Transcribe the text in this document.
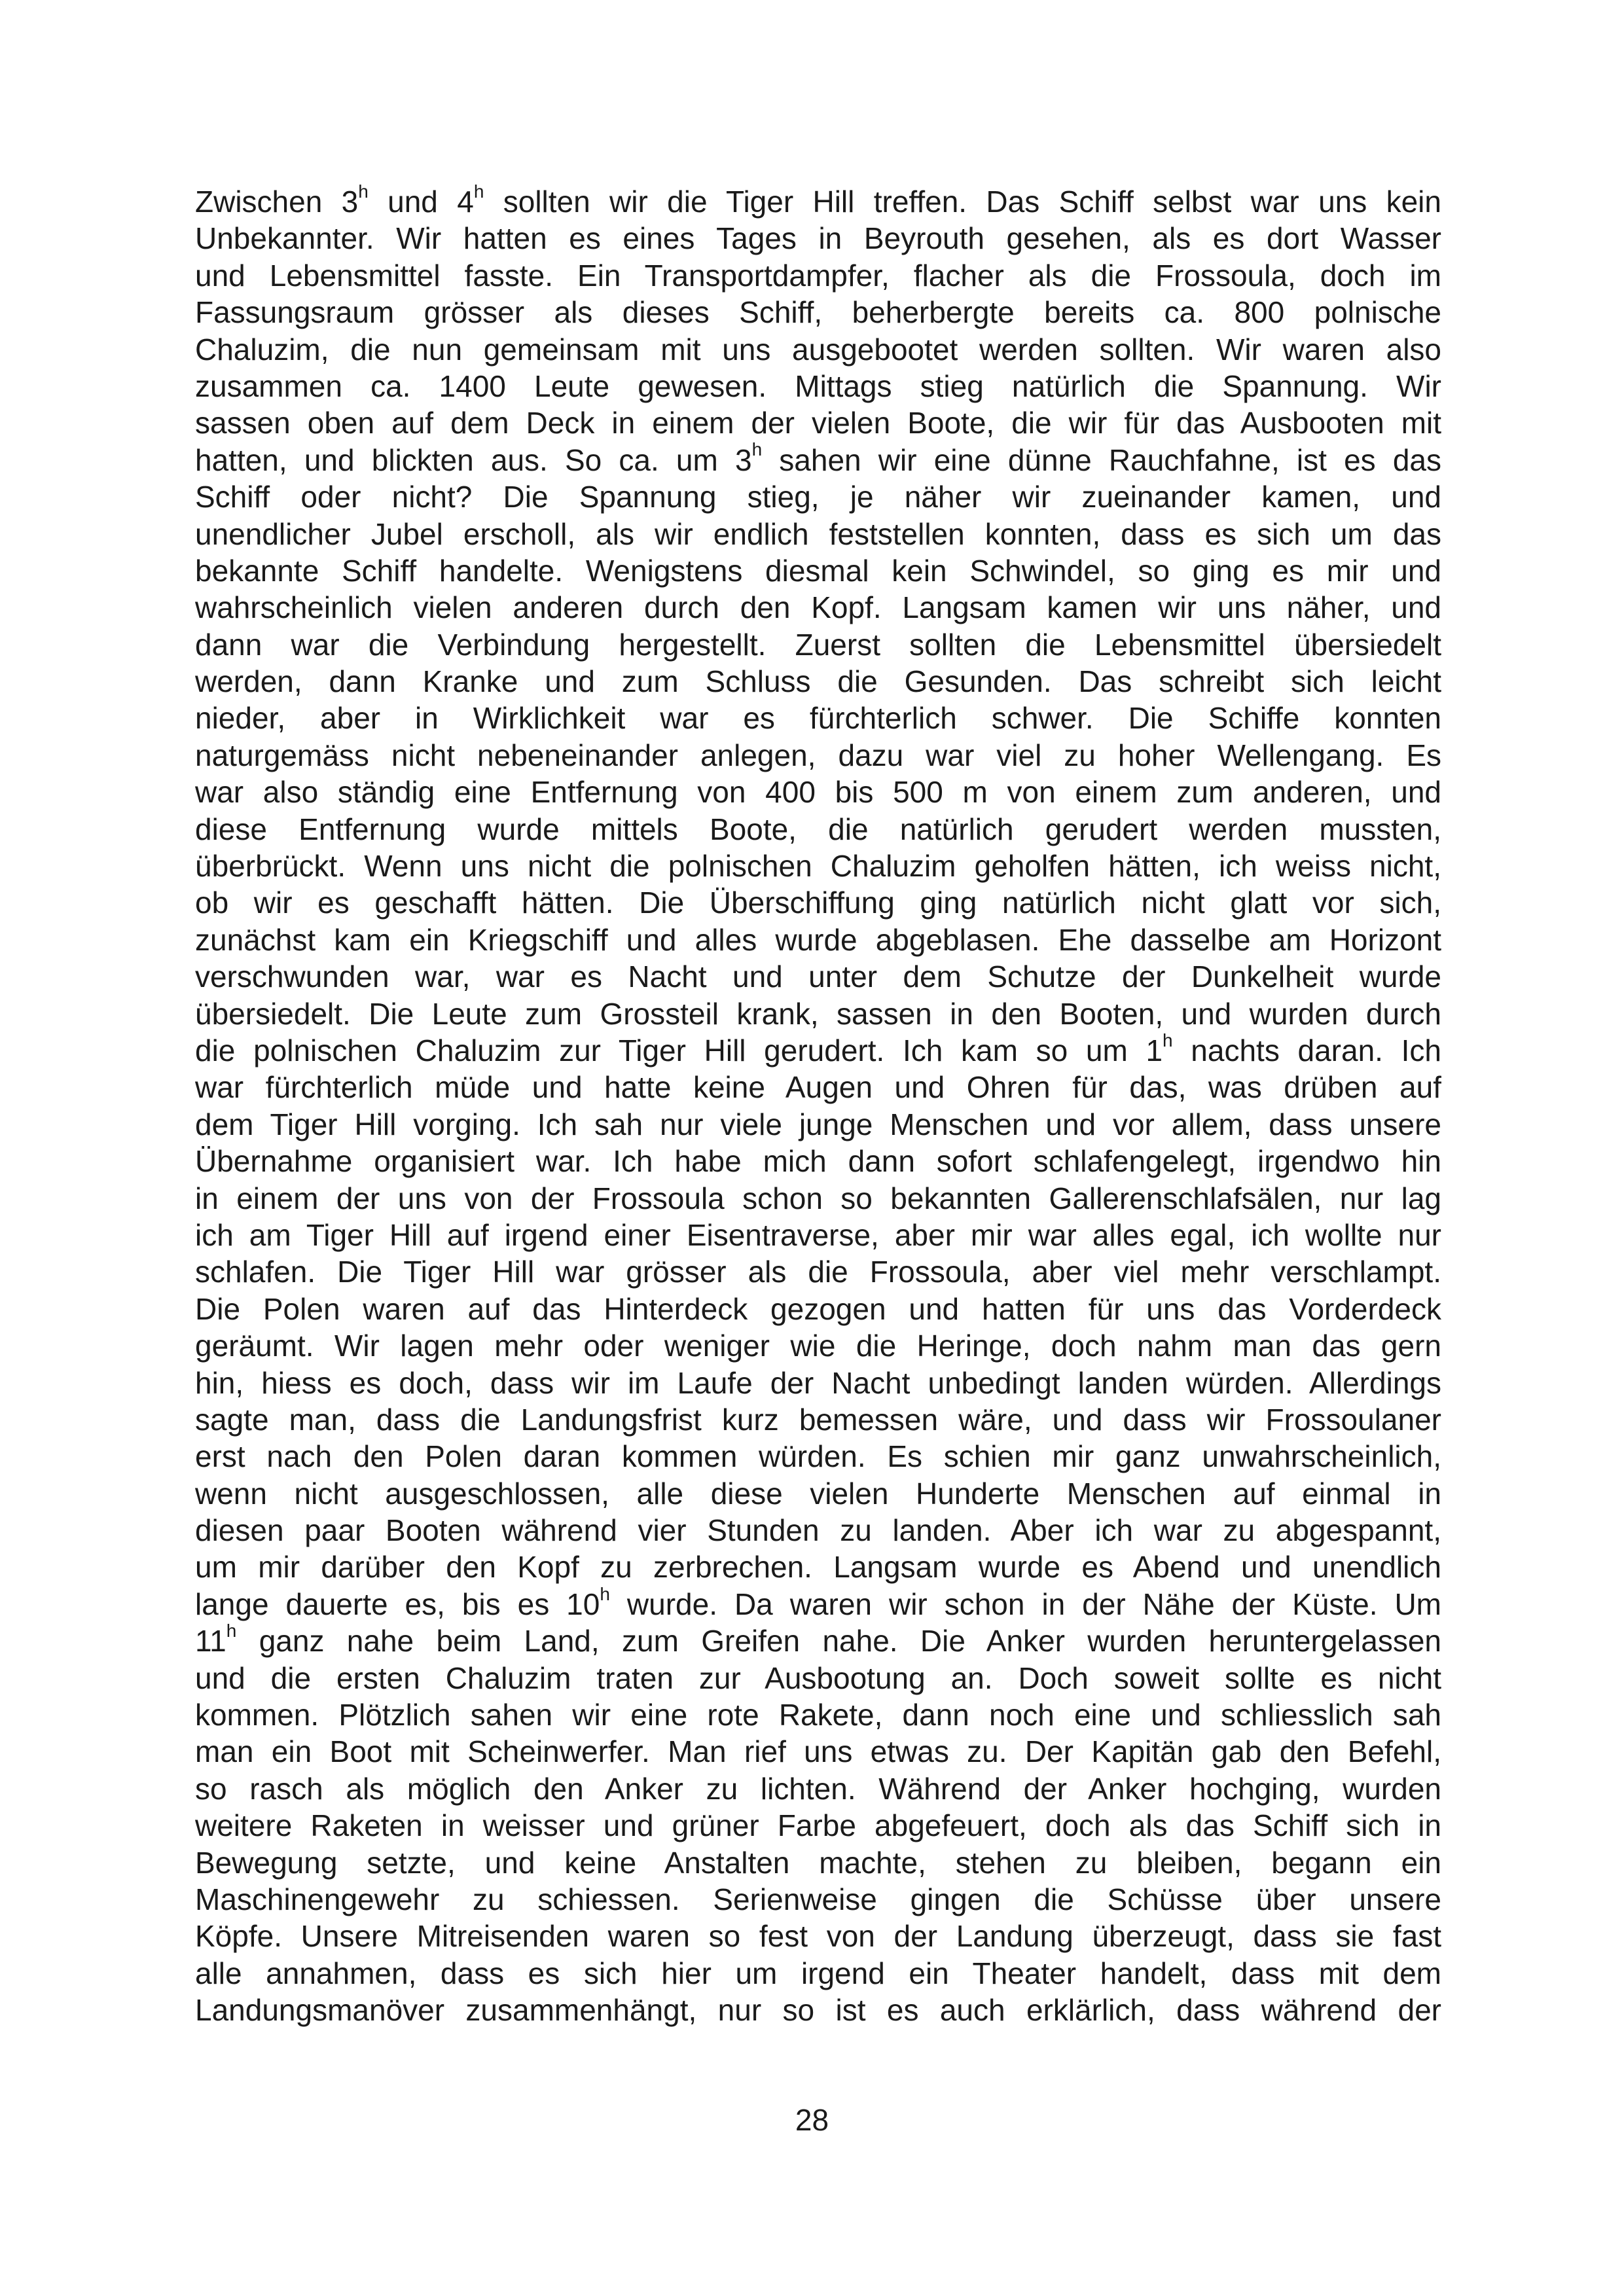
Zwischen 3$^h$ und 4$^h$ sollten wir die Tiger Hill treffen. Das Schiff selbst war uns kein
Unbekannter. Wir hatten es eines Tages in Beyrouth gesehen, als es dort Wasser
und Lebensmittel fasste. Ein Transportdampfer, flacher als die Frossoula, doch im
Fassungsraum grösser als dieses Schiff, beherbergte bereits ca. 800 polnische
Chaluzim, die nun gemeinsam mit uns ausgebootet werden sollten. Wir waren also
zusammen ca. 1400 Leute gewesen. Mittags stieg natürlich die Spannung. Wir
sassen oben auf dem Deck in einem der vielen Boote, die wir für das Ausbooten mit
hatten, und blickten aus. So ca. um 3$^h$ sahen wir eine dünne Rauchfahne, ist es das
Schiff oder nicht? Die Spannung stieg, je näher wir zueinander kamen, und
unendlicher Jubel erscholl, als wir endlich feststellen konnten, dass es sich um das
bekannte Schiff handelte. Wenigstens diesmal kein Schwindel, so ging es mir und
wahrscheinlich vielen anderen durch den Kopf. Langsam kamen wir uns näher, und
dann war die Verbindung hergestellt. Zuerst sollten die Lebensmittel übersiedelt
werden, dann Kranke und zum Schluss die Gesunden. Das schreibt sich leicht
nieder, aber in Wirklichkeit war es fürchterlich schwer. Die Schiffe konnten
naturgemäss nicht nebeneinander anlegen, dazu war viel zu hoher Wellengang. Es
war also ständig eine Entfernung von 400 bis 500 m von einem zum anderen, und
diese Entfernung wurde mittels Boote, die natürlich gerudert werden mussten,
überbrückt. Wenn uns nicht die polnischen Chaluzim geholfen hätten, ich weiss nicht,
ob wir es geschafft hätten. Die Überschiffung ging natürlich nicht glatt vor sich,
zunächst kam ein Kriegschiff und alles wurde abgeblasen. Ehe dasselbe am Horizont
verschwunden war, war es Nacht und unter dem Schutze der Dunkelheit wurde
übersiedelt. Die Leute zum Grossteil krank, sassen in den Booten, und wurden durch
die polnischen Chaluzim zur Tiger Hill gerudert. Ich kam so um 1$^h$ nachts daran. Ich
war fürchterlich müde und hatte keine Augen und Ohren für das, was drüben auf
dem Tiger Hill vorging. Ich sah nur viele junge Menschen und vor allem, dass unsere
Übernahme organisiert war. Ich habe mich dann sofort schlafengelegt, irgendwo hin
in einem der uns von der Frossoula schon so bekannten Gallerenschlafsälen, nur lag
ich am Tiger Hill auf irgend einer Eisentraverse, aber mir war alles egal, ich wollte nur
schlafen. Die Tiger Hill war grösser als die Frossoula, aber viel mehr verschlampt.
Die Polen waren auf das Hinterdeck gezogen und hatten für uns das Vorderdeck
geräumt. Wir lagen mehr oder weniger wie die Heringe, doch nahm man das gern
hin, hiess es doch, dass wir im Laufe der Nacht unbedingt landen würden. Allerdings
sagte man, dass die Landungsfrist kurz bemessen wäre, und dass wir Frossoulaner
erst nach den Polen daran kommen würden. Es schien mir ganz unwahrscheinlich,
wenn nicht ausgeschlossen, alle diese vielen Hunderte Menschen auf einmal in
diesen paar Booten während vier Stunden zu landen. Aber ich war zu abgespannt,
um mir darüber den Kopf zu zerbrechen. Langsam wurde es Abend und unendlich
lange dauerte es, bis es 10$^h$ wurde. Da waren wir schon in der Nähe der Küste. Um
11$^h$ ganz nahe beim Land, zum Greifen nahe. Die Anker wurden heruntergelassen
und die ersten Chaluzim traten zur Ausbootung an. Doch soweit sollte es nicht
kommen. Plötzlich sahen wir eine rote Rakete, dann noch eine und schliesslich sah
man ein Boot mit Scheinwerfer. Man rief uns etwas zu. Der Kapitän gab den Befehl,
so rasch als möglich den Anker zu lichten. Während der Anker hochging, wurden
weitere Raketen in weisser und grüner Farbe abgefeuert, doch als das Schiff sich in
Bewegung setzte, und keine Anstalten machte, stehen zu bleiben, begann ein
Maschinengewehr zu schiessen. Serienweise gingen die Schüsse über unsere
Köpfe. Unsere Mitreisenden waren so fest von der Landung überzeugt, dass sie fast
alle annahmen, dass es sich hier um irgend ein Theater handelt, dass mit dem
Landungsmanöver zusammenhängt, nur so ist es auch erklärlich, dass während der
28
